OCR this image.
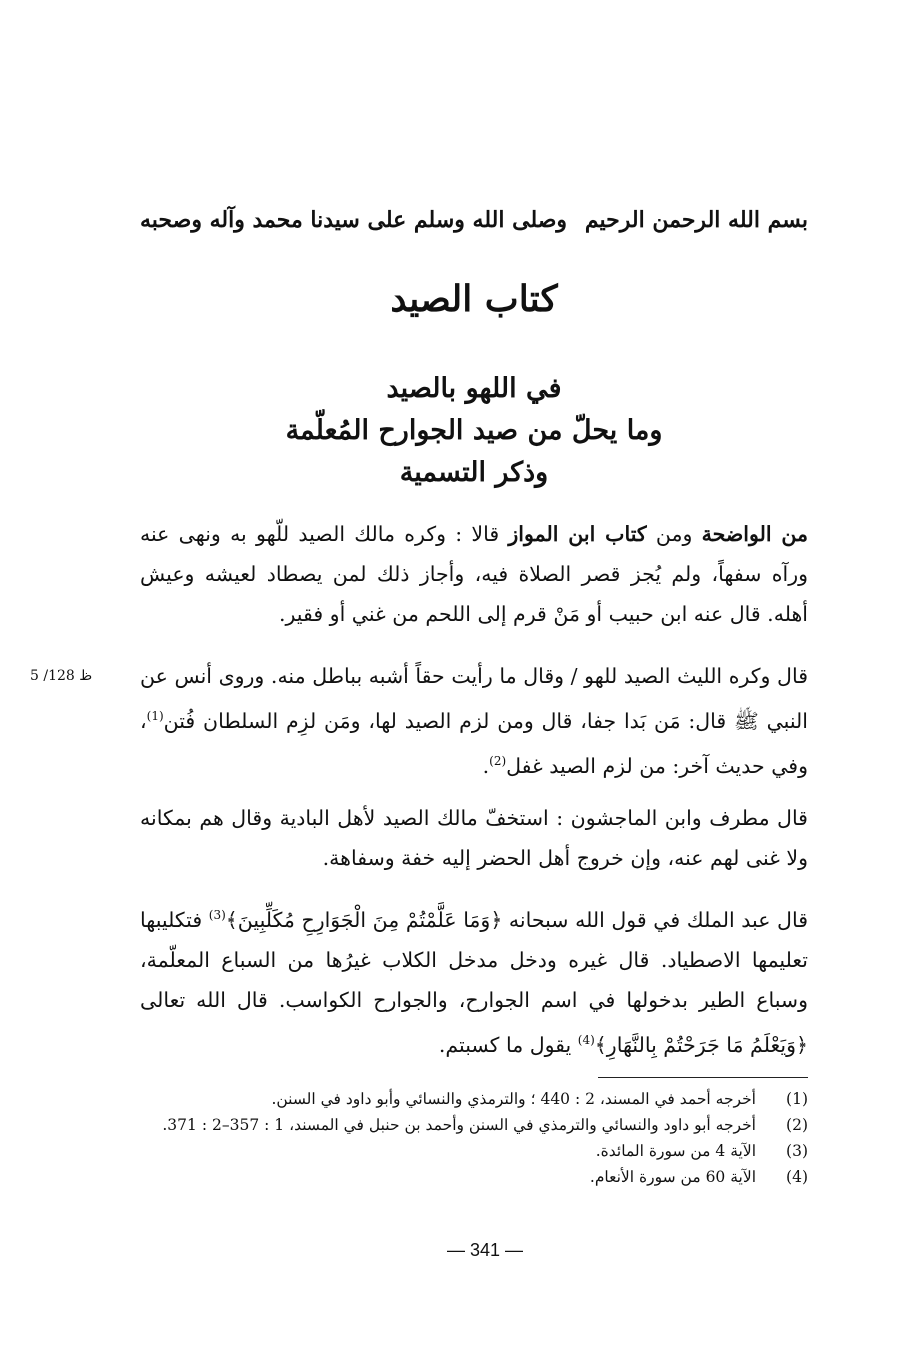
بسم الله الرحمن الرحيم
وصلى الله وسلم على سيدنا محمد وآله وصحبه
كتاب الصيد
في اللهو بالصيد
وما يحلّ من صيد الجوارح المُعلّمة
وذكر التسمية
من الواضحة ومن كتاب ابن المواز قالا : وكره مالك الصيد للّهو به ونهى عنه ورآه سفهاً، ولم يُجز قصر الصلاة فيه، وأجاز ذلك لمن يصطاد لعيشه وعيش أهله. قال عنه ابن حبيب أو مَنْ قرم إلى اللحم من غني أو فقير.
5 /128 ظ	قال وكره الليث الصيد للهو / وقال ما رأيت حقاً أشبه بباطل منه. وروى أنس عن النبي ﷺ قال: مَن بَدا جفا، قال ومن لزم الصيد لها، ومَن لزِم السلطان فُتن$^{(1)}$، وفي حديث آخر: من لزم الصيد غفل$^{(2)}$.
قال مطرف وابن الماجشون : استخفّ مالك الصيد لأهل البادية وقال هم بمكانه ولا غنى لهم عنه، وإن خروج أهل الحضر إليه خفة وسفاهة.
قال عبد الملك في قول الله سبحانه ﴿وَمَا عَلَّمْتُمْ مِنَ الْجَوَارِحِ مُكَلِّبِينَ﴾$^{(3)}$ فتكليبها تعليمها الاصطياد. قال غيره ودخل مدخل الكلاب غيرُها من السباع المعلّمة، وسباع الطير بدخولها في اسم الجوارح، والجوارح الكواسب. قال الله تعالى ﴿وَيَعْلَمُ مَا جَرَحْتُمْ بِالنَّهَارِ﴾$^{(4)}$ يقول ما كسبتم.
(1)
أخرجه أحمد في المسند، 2 : 440 ؛ والترمذي والنسائي وأبو داود في السنن.
(2)
أخرجه أبو داود والنسائي والترمذي في السنن وأحمد بن حنبل في المسند، 1 : 357–2 : 371.
(3)
الآية 4 من سورة المائدة.
(4)
الآية 60 من سورة الأنعام.
— 341 —
